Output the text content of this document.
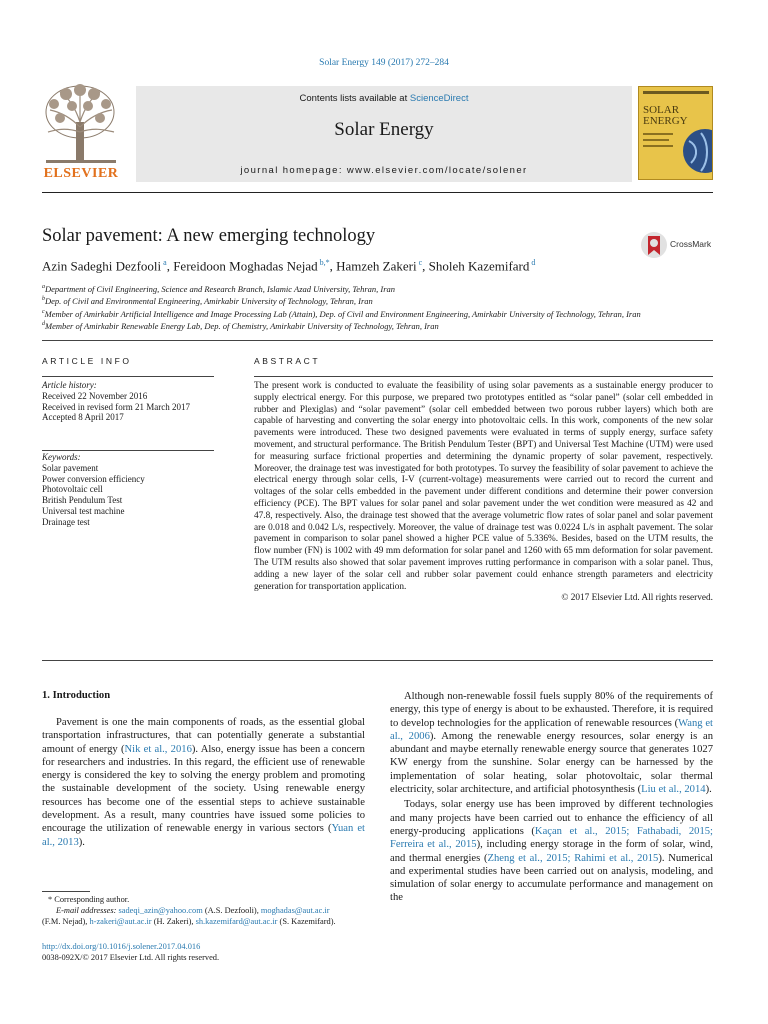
Solar Energy 149 (2017) 272–284
ELSEVIER
Contents lists available at ScienceDirect
Solar Energy
journal homepage: www.elsevier.com/locate/solener
SOLAR
ENERGY
Solar pavement: A new emerging technology	CrossMark
Azin Sadeghi Dezfooli $^a$, Fereidoon Moghadas Nejad $^{b,*}$, Hamzeh Zakeri $^c$, Sholeh Kazemifard $^d$
$^a$Department of Civil Engineering, Science and Research Branch, Islamic Azad University, Tehran, Iran
$^b$Dep. of Civil and Environmental Engineering, Amirkabir University of Technology, Tehran, Iran
$^c$Member of Amirkabir Artificial Intelligence and Image Processing Lab (Attain), Dep. of Civil and Environment Engineering, Amirkabir University of Technology, Tehran, Iran
$^d$Member of Amirkabir Renewable Energy Lab, Dep. of Chemistry, Amirkabir University of Technology, Tehran, Iran
ARTICLE INFO
Article history:
Received 22 November 2016
Received in revised form 21 March 2017
Accepted 8 April 2017
Keywords:
Solar pavement
Power conversion efficiency
Photovoltaic cell
British Pendulum Test
Universal test machine
Drainage test
ABSTRACT
The present work is conducted to evaluate the feasibility of using solar pavements as a sustainable energy producer to supply electrical energy. For this purpose, we prepared two prototypes entitled as “solar panel” (solar cell embedded in rubber and Plexiglas) and “solar pavement” (solar cell embedded between two porous rubber layers) which both are capable of harvesting and converting the solar energy into photovoltaic cells. In this work, components of the new solar pavements were introduced. These two designed pavements were evaluated in terms of supply energy, surface safety movement, and structural performance. The British Pendulum Tester (BPT) and Universal Test Machine (UTM) were used for measuring surface frictional properties and determining the dynamic property of solar pavement, respectively. Moreover, the drainage test was investigated for both prototypes. To survey the feasibility of solar pavement to achieve the electrical energy through solar cells, I-V (current-voltage) measurements were carried out to record the current and voltages of the solar cells embedded in the pavement under different conditions and determine their power conversion efficiency (PCE). The BPT values for solar panel and solar pavement under the wet condition were measured as 42 and 47.8, respectively. Also, the drainage test showed that the average volumetric flow rates of solar panel and solar pavement are 0.018 and 0.042 L/s, respectively. Moreover, the value of drainage test was 0.0224 L/s in asphalt pavement. The solar pavement in comparison to solar panel showed a higher PCE value of 5.336%. Besides, based on the UTM results, the flow number (FN) is 1002 with 49 mm deformation for solar panel and 1260 with 65 mm deformation for solar pavement. The UTM results also showed that solar pavement improves rutting performance in comparison with a solar panel. Thus, adding a new layer of the solar cell and rubber solar pavement could enhance strength parameters and electricity generation for transportation application.
© 2017 Elsevier Ltd. All rights reserved.
1. Introduction

Pavement is one the main components of roads, as the essential global transportation infrastructures, that can potentially generate a substantial amount of energy (Nik et al., 2016). Also, energy issue has been a concern for researchers and industries. In this regard, the efficient use of renewable energy is considered the key to solving the energy problem and promoting the sustainable development of the society. Using renewable energy resources has become one of the essential steps to achieve sustainable development. As a result, many countries have issued some policies to encourage the utilization of renewable energy in various sectors (Yuan et al., 2013).

* Corresponding author.
E-mail addresses: sadeqi_azin@yahoo.com (A.S. Dezfooli), moghadas@aut.ac.ir
(F.M. Nejad), h-zakeri@aut.ac.ir (H. Zakeri), sh.kazemifard@aut.ac.ir (S. Kazemifard).
http://dx.doi.org/10.1016/j.solener.2017.04.016
0038-092X/© 2017 Elsevier Ltd. All rights reserved.

Although non-renewable fossil fuels supply 80% of the requirements of energy, this type of energy is about to be exhausted. Therefore, it is required to develop technologies for the application of renewable resources (Wang et al., 2006). Among the renewable energy resources, solar energy is an abundant and maybe eternally renewable energy source that generates 1027 KW energy from the sunshine. Solar energy can be harnessed by the implementation of solar heating, solar photovoltaic, solar thermal electricity, solar architecture, and artificial photosynthesis (Liu et al., 2014).

Todays, solar energy use has been improved by different technologies and many projects have been carried out to enhance the efficiency of all energy-producing applications (Kaçan et al., 2015; Fathabadi, 2015; Ferreira et al., 2015), including energy storage in the form of solar, wind, and thermal energies (Zheng et al., 2015; Rahimi et al., 2015). Numerical and experimental studies have been carried out on analysis, modeling, and simulation of solar energy to accumulate performance and management on the
